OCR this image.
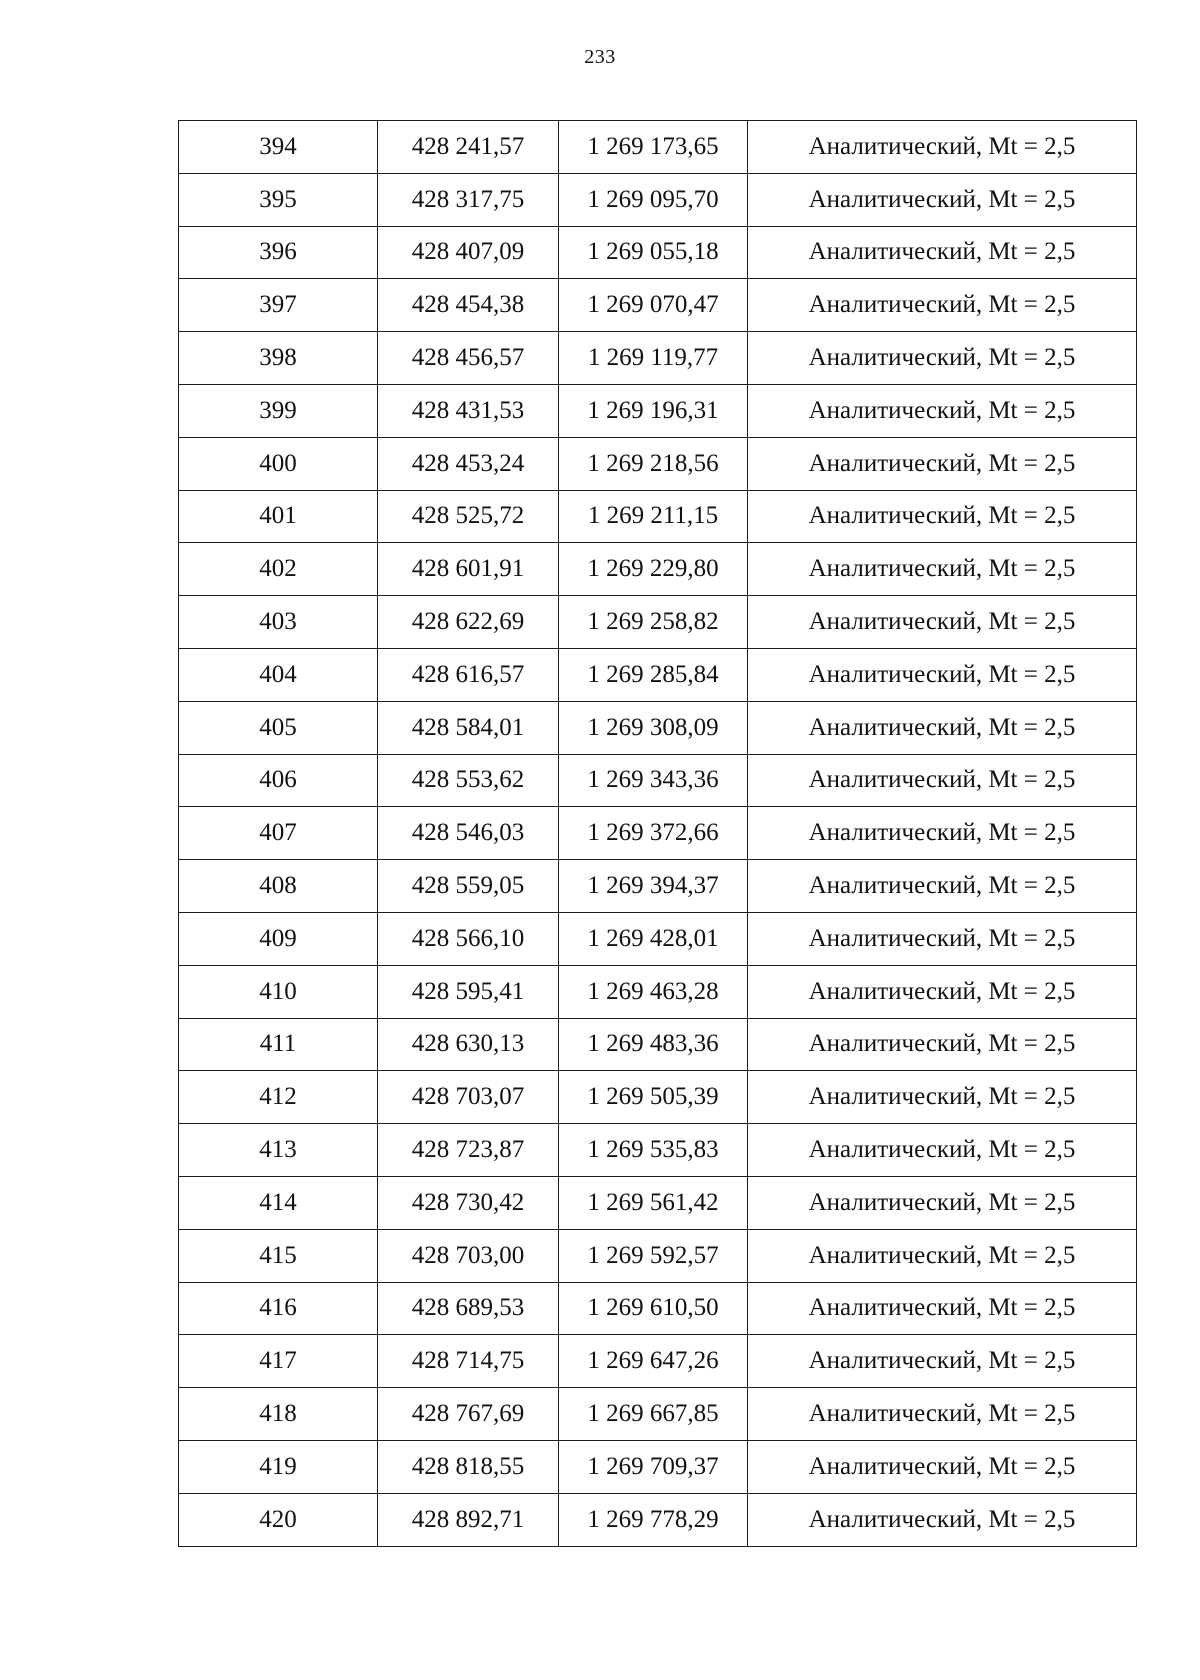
233
394	428 241,57	1 269 173,65	Аналитический, Mt = 2,5
395	428 317,75	1 269 095,70	Аналитический, Mt = 2,5
396	428 407,09	1 269 055,18	Аналитический, Mt = 2,5
397	428 454,38	1 269 070,47	Аналитический, Mt = 2,5
398	428 456,57	1 269 119,77	Аналитический, Mt = 2,5
399	428 431,53	1 269 196,31	Аналитический, Mt = 2,5
400	428 453,24	1 269 218,56	Аналитический, Mt = 2,5
401	428 525,72	1 269 211,15	Аналитический, Mt = 2,5
402	428 601,91	1 269 229,80	Аналитический, Mt = 2,5
403	428 622,69	1 269 258,82	Аналитический, Mt = 2,5
404	428 616,57	1 269 285,84	Аналитический, Mt = 2,5
405	428 584,01	1 269 308,09	Аналитический, Mt = 2,5
406	428 553,62	1 269 343,36	Аналитический, Mt = 2,5
407	428 546,03	1 269 372,66	Аналитический, Mt = 2,5
408	428 559,05	1 269 394,37	Аналитический, Mt = 2,5
409	428 566,10	1 269 428,01	Аналитический, Mt = 2,5
410	428 595,41	1 269 463,28	Аналитический, Mt = 2,5
411	428 630,13	1 269 483,36	Аналитический, Mt = 2,5
412	428 703,07	1 269 505,39	Аналитический, Mt = 2,5
413	428 723,87	1 269 535,83	Аналитический, Mt = 2,5
414	428 730,42	1 269 561,42	Аналитический, Mt = 2,5
415	428 703,00	1 269 592,57	Аналитический, Mt = 2,5
416	428 689,53	1 269 610,50	Аналитический, Mt = 2,5
417	428 714,75	1 269 647,26	Аналитический, Mt = 2,5
418	428 767,69	1 269 667,85	Аналитический, Mt = 2,5
419	428 818,55	1 269 709,37	Аналитический, Mt = 2,5
420	428 892,71	1 269 778,29	Аналитический, Mt = 2,5
